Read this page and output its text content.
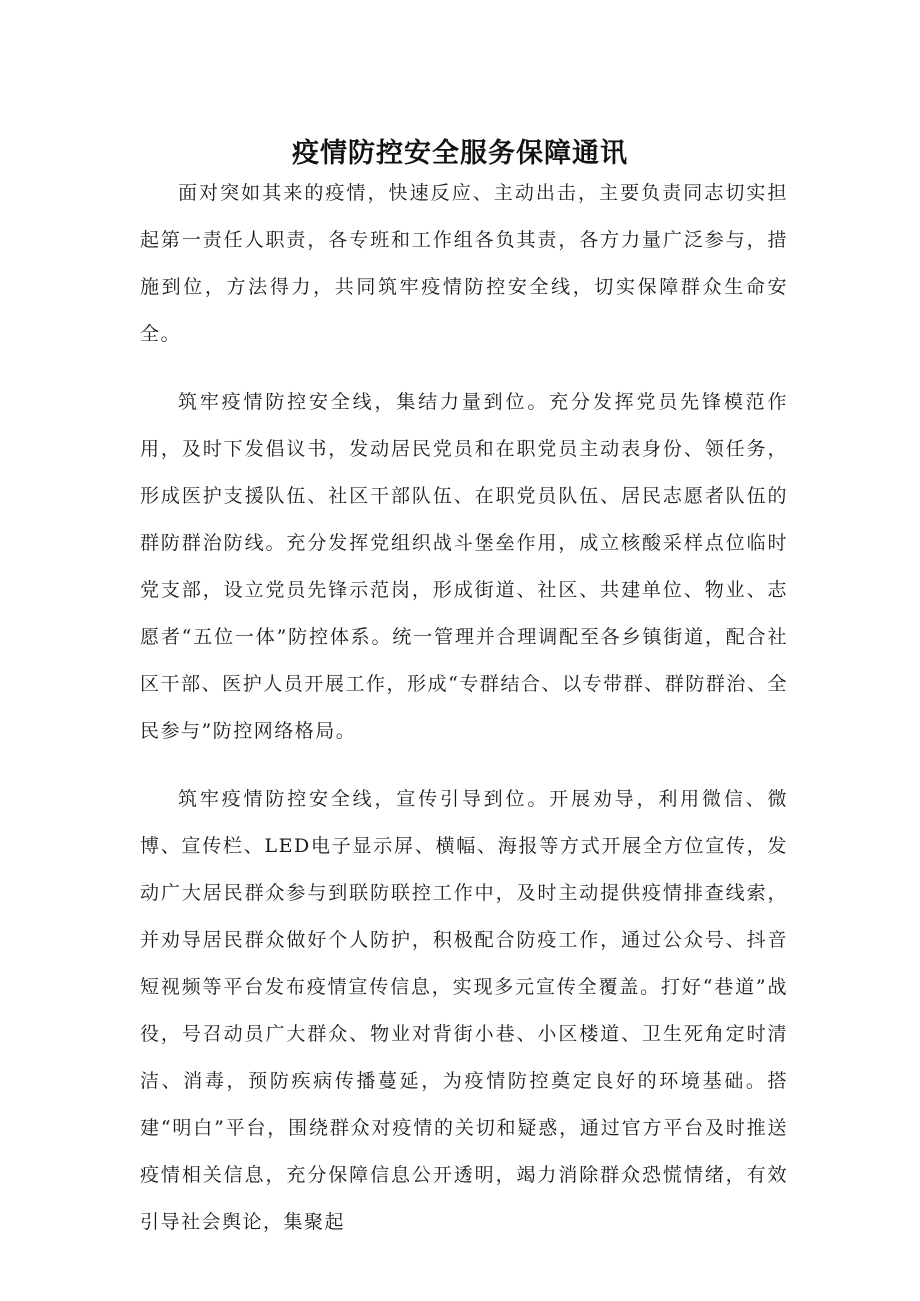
疫情防控安全服务保障通讯

面对突如其来的疫情，快速反应、主动出击，主要负责同志切实担起第一责任人职责，各专班和工作组各负其责，各方力量广泛参与，措施到位，方法得力，共同筑牢疫情防控安全线，切实保障群众生命安全。

筑牢疫情防控安全线，集结力量到位。充分发挥党员先锋模范作用，及时下发倡议书，发动居民党员和在职党员主动表身份、领任务，形成医护支援队伍、社区干部队伍、在职党员队伍、居民志愿者队伍的群防群治防线。充分发挥党组织战斗堡垒作用，成立核酸采样点位临时党支部，设立党员先锋示范岗，形成街道、社区、共建单位、物业、志愿者“五位一体”防控体系。统一管理并合理调配至各乡镇街道，配合社区干部、医护人员开展工作，形成“专群结合、以专带群、群防群治、全民参与”防控网络格局。

筑牢疫情防控安全线，宣传引导到位。开展劝导，利用微信、微博、宣传栏、LED电子显示屏、横幅、海报等方式开展全方位宣传，发动广大居民群众参与到联防联控工作中，及时主动提供疫情排查线索，并劝导居民群众做好个人防护，积极配合防疫工作，通过公众号、抖音短视频等平台发布疫情宣传信息，实现多元宣传全覆盖。打好“巷道”战役，号召动员广大群众、物业对背街小巷、小区楼道、卫生死角定时清洁、消毒，预防疾病传播蔓延，为疫情防控奠定良好的环境基础。搭建“明白”平台，围绕群众对疫情的关切和疑惑，通过官方平台及时推送疫情相关信息，充分保障信息公开透明，竭力消除群众恐慌情绪，有效引导社会舆论，集聚起
